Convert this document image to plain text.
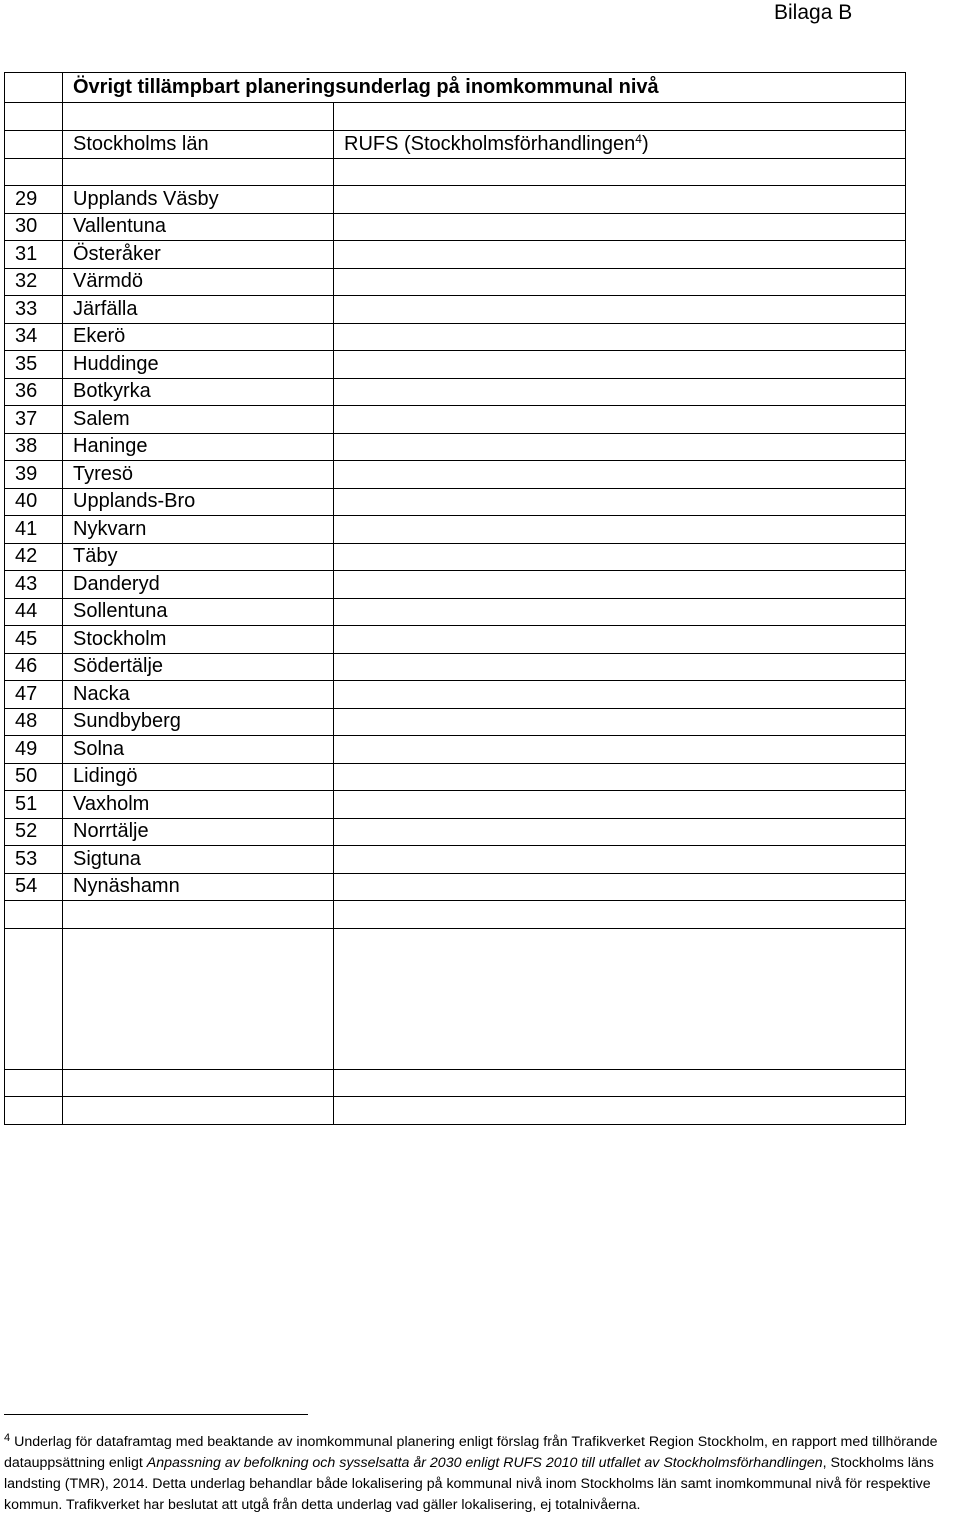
Bilaga B
	Övrigt tillämpbart planeringsunderlag på inomkommunal nivå	

	Stockholms län	RUFS (Stockholmsförhandlingen$^4$)

29	Upplands Väsby	
30	Vallentuna	
31	Österåker	
32	Värmdö	
33	Järfälla	
34	Ekerö	
35	Huddinge	
36	Botkyrka	
37	Salem	
38	Haninge	
39	Tyresö	
40	Upplands-Bro	
41	Nykvarn	
42	Täby	
43	Danderyd	
44	Sollentuna	
45	Stockholm	
46	Södertälje	
47	Nacka	
48	Sundbyberg	
49	Solna	
50	Lidingö	
51	Vaxholm	
52	Norrtälje	
53	Sigtuna	
54	Nynäshamn	

$^4$ Underlag för dataframtag med beaktande av inomkommunal planering enligt förslag från Trafikverket Region Stockholm, en rapport med tillhörande datauppsättning enligt Anpassning av befolkning och sysselsatta år 2030 enligt RUFS 2010 till utfallet av Stockholmsförhandlingen, Stockholms läns landsting (TMR), 2014. Detta underlag behandlar både lokalisering på kommunal nivå inom Stockholms län samt inomkommunal nivå för respektive kommun. Trafikverket har beslutat att utgå från detta underlag vad gäller lokalisering, ej totalnivåerna.
